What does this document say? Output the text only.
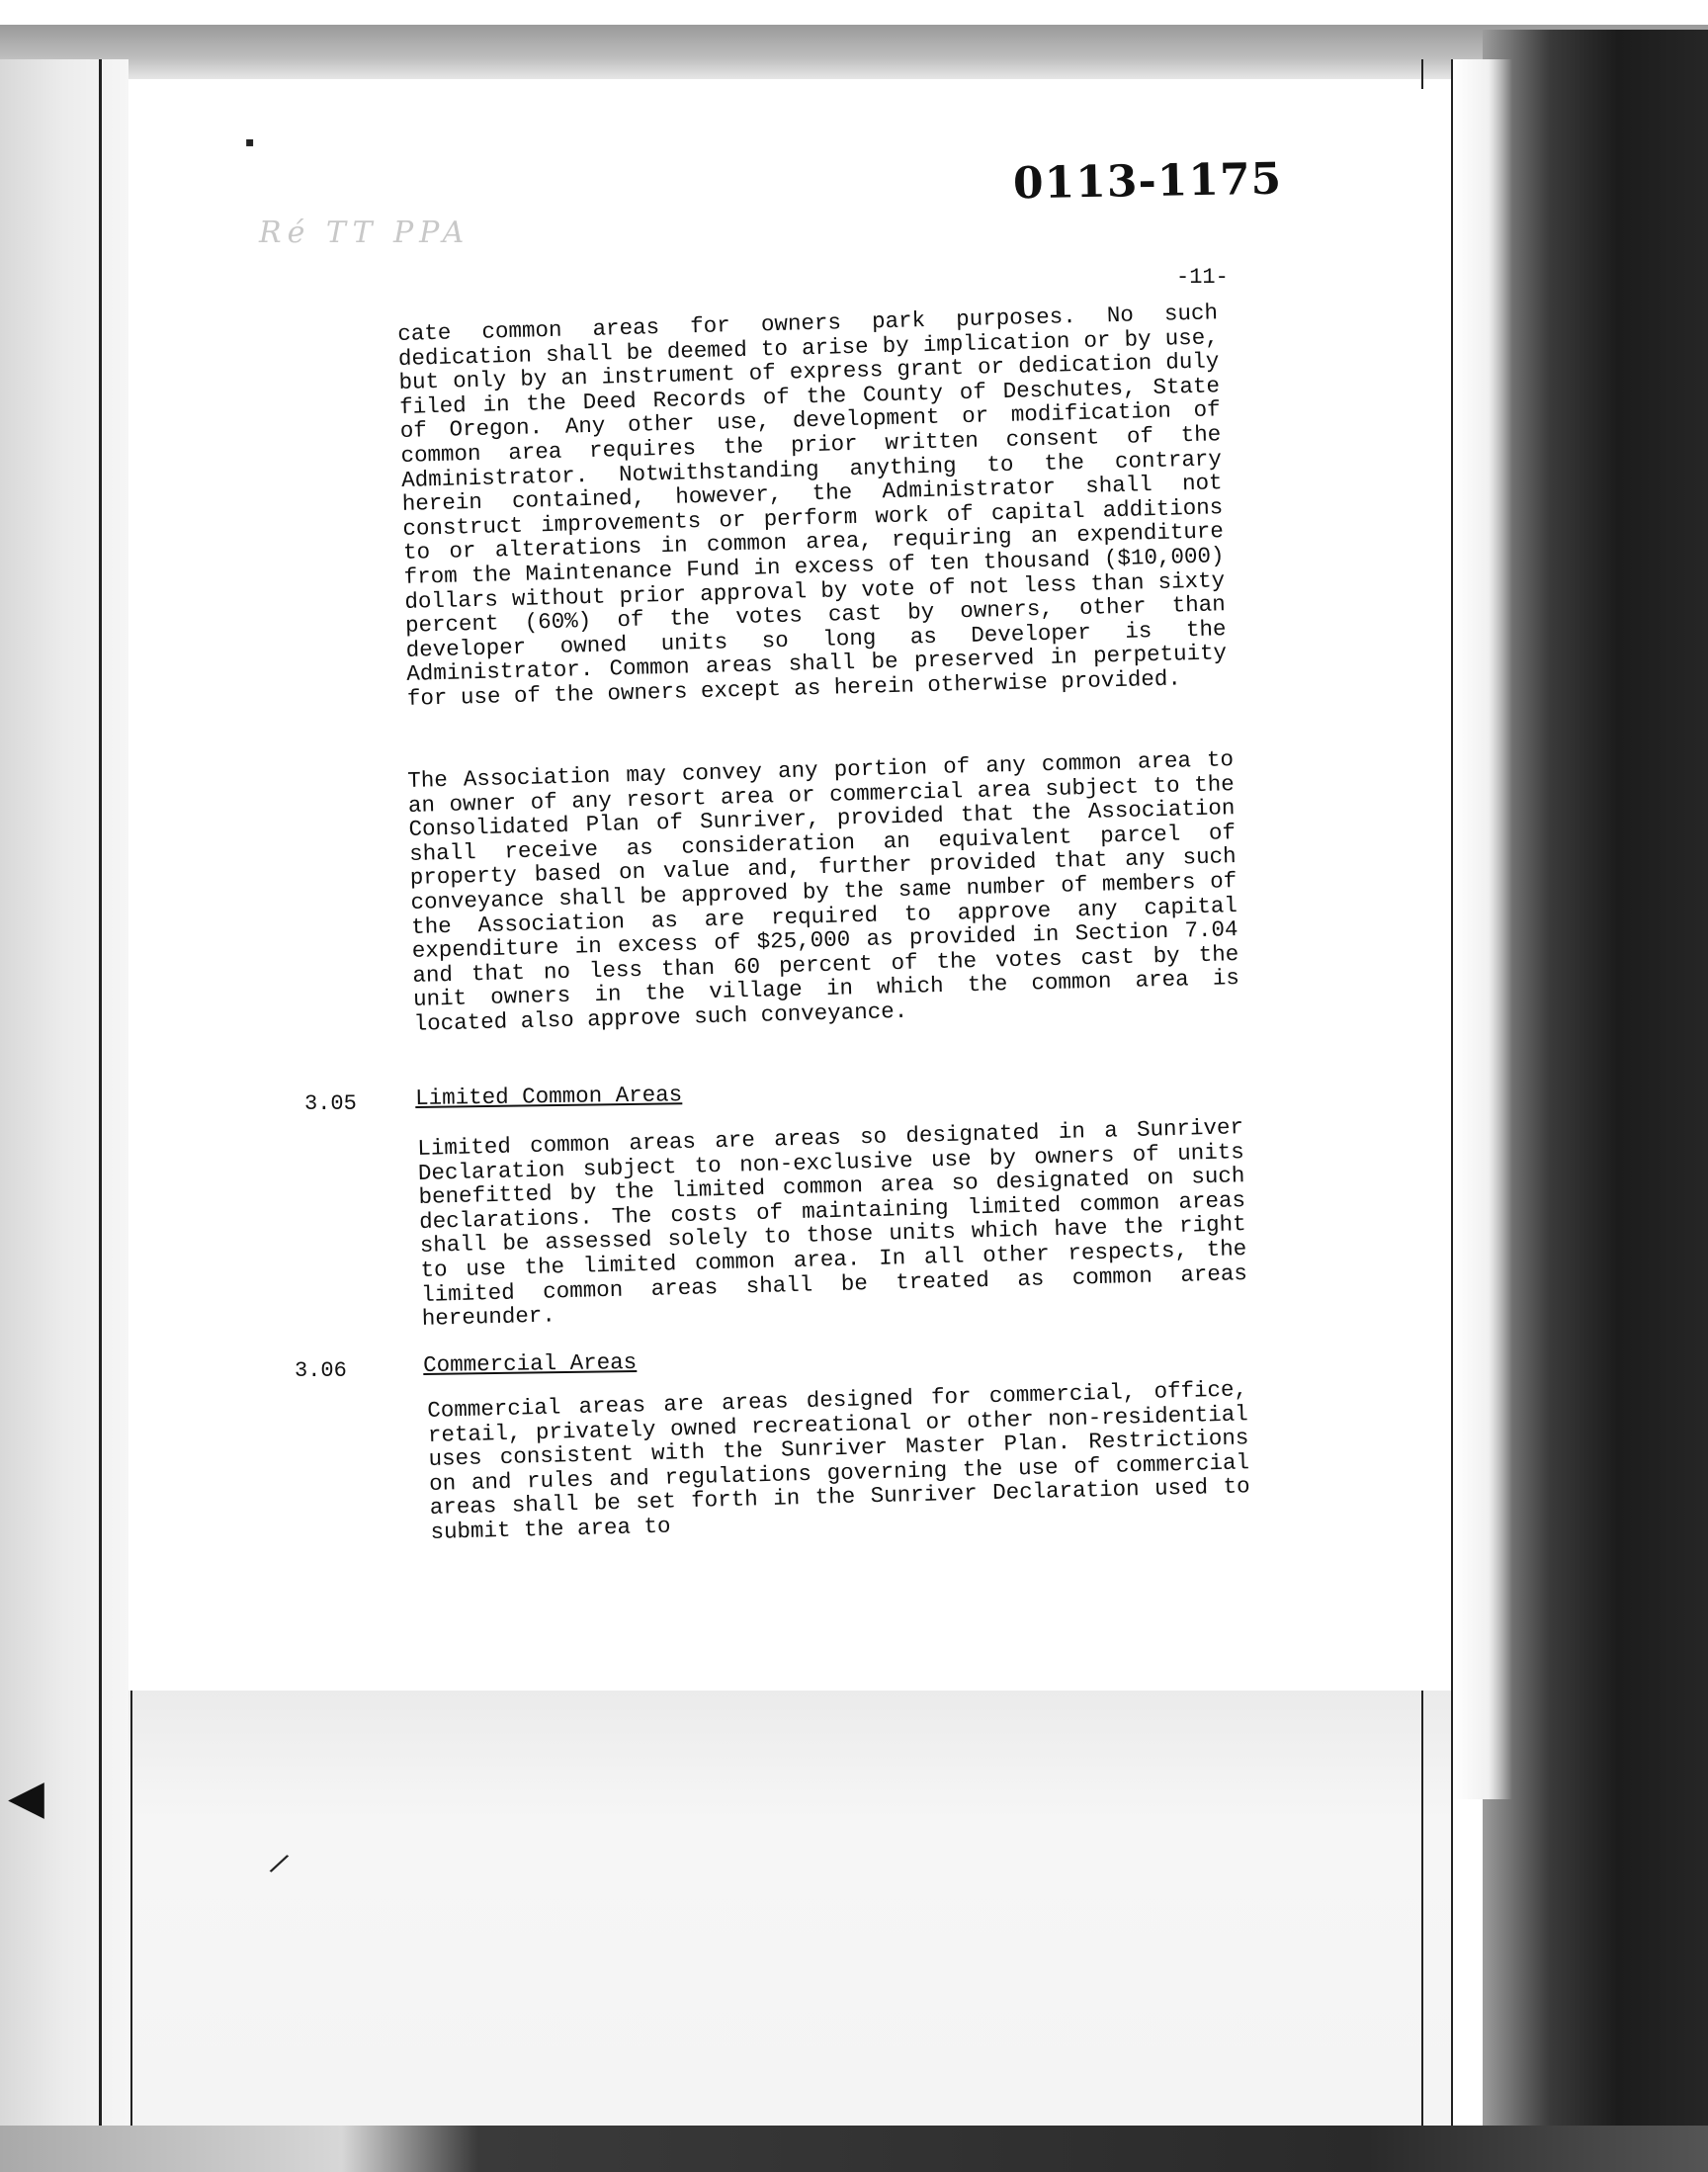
▪
◀
/
0113-1175
Ré TT PPA
-11-
cate common areas for owners park purposes. No such dedication shall be deemed to arise by implication or by use, but only by an instrument of express grant or dedication duly filed in the Deed Records of the County of Deschutes, State of Oregon. Any other use, development or modification of common area requires the prior written consent of the Administrator. Notwithstanding anything to the contrary herein contained, however, the Administrator shall not construct improvements or perform work of capital additions to or alterations in common area, requiring an expenditure from the Maintenance Fund in excess of ten thousand ($10,000) dollars without prior approval by vote of not less than sixty percent (60%) of the votes cast by owners, other than developer owned units so long as Developer is the Administrator. Common areas shall be preserved in perpetuity for use of the owners except as herein otherwise provided.
The Association may convey any portion of any common area to an owner of any resort area or commercial area subject to the Consolidated Plan of Sunriver, provided that the Association shall receive as consideration an equivalent parcel of property based on value and, further provided that any such conveyance shall be approved by the same number of members of the Association as are required to approve any capital expenditure in excess of $25,000 as provided in Section 7.04 and that no less than 60 percent of the votes cast by the unit owners in the village in which the common area is located also approve such conveyance.
3.05	Limited Common Areas
Limited common areas are areas so designated in a Sunriver Declaration subject to non-exclusive use by owners of units benefitted by the limited common area so designated on such declarations. The costs of maintaining limited common areas shall be assessed solely to those units which have the right to use the limited common area. In all other respects, the limited common areas shall be treated as common areas hereunder.
3.06	Commercial Areas
Commercial areas are areas designed for commercial, office, retail, privately owned recreational or other non-residential uses consistent with the Sunriver Master Plan. Restrictions on and rules and regulations governing the use of commercial areas shall be set forth in the Sunriver Declaration used to submit the area to
